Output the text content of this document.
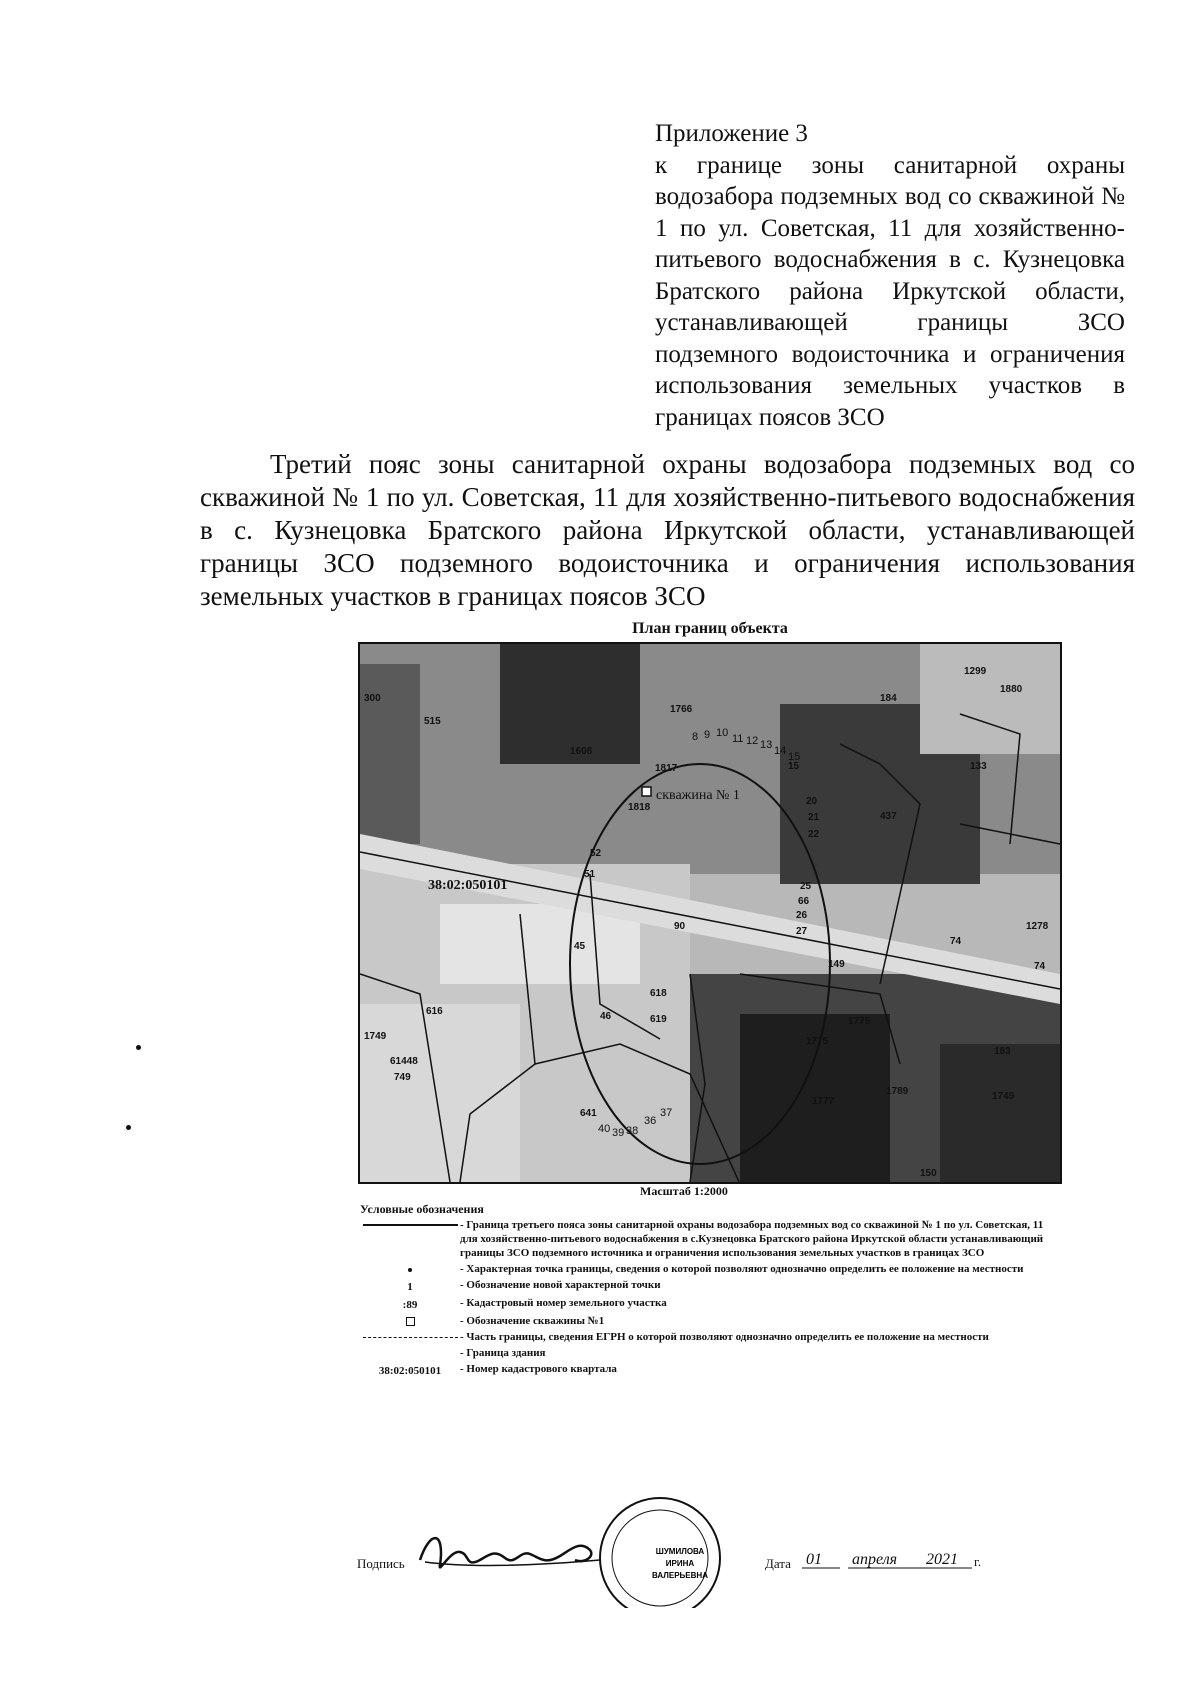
Приложение 3
к границе зоны санитарной охраны водозабора подземных вод со скважиной № 1 по ул. Советская, 11 для хозяйственно-питьевого водоснабжения в с. Кузнецовка Братского района Иркутской области, устанавливающей границы ЗСО подземного водоисточника и ограничения использования земельных участков в границах поясов ЗСО
Третий пояс зоны санитарной охраны водозабора подземных вод со скважиной № 1 по ул. Советская, 11 для хозяйственно-питьевого водоснабжения в с. Кузнецовка Братского района Иркутской области, устанавливающей границы ЗСО подземного водоисточника и ограничения использования земельных участков в границах поясов ЗСО
План границ объекта
скважина № 1
38:02:050101
300
515
1608
1766
1817
1818
1299
1880
184
133
437
1278
74
74
66
90
618
616
619
1775
1775
1749
61448
749
1777
1789	1749
150
183
149
45
46
641
52
51
27
26
25
22
21
20
15
8 9 10 11 12 13 14 15
36
37
38
39
40
Масштаб 1:2000
Условные обозначения
- Граница третьего пояса зоны санитарной охраны водозабора подземных вод со скважиной № 1 по ул. Советская, 11 для хозяйственно-питьевого водоснабжения в с.Кузнецовка Братского района Иркутской области устанавливающий границы ЗСО подземного источника и ограничения использования земельных участков в границах ЗСО
- Характерная точка границы, сведения о которой позволяют однозначно определить ее положение на местности
1	- Обозначение новой характерной точки
:89	- Кадастровый номер земельного участка
- Обозначение скважины №1
- Часть границы, сведения ЕГРН о которой позволяют однозначно определить ее положение на местности
- Граница здания
38:02:050101 - Номер кадастрового квартала
Подпись
ШУМИЛОВА
ИРИНА
ВАЛЕРЬЕВНА
Дата 01 апреля 2021 г.
